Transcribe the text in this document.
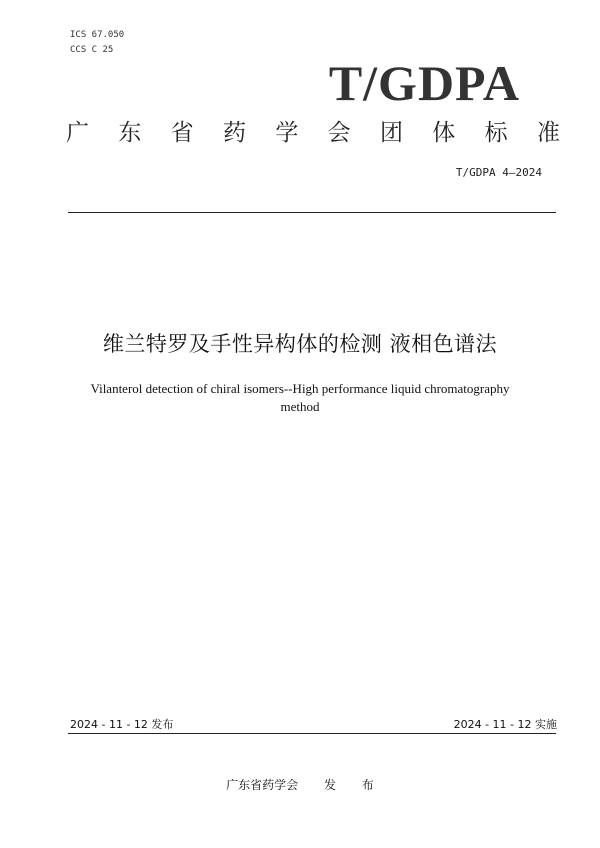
ICS 67.050
CCS C 25
T/GDPA
广 东 省 药 学 会 团 体 标 准
T/GDPA 4—2024
维兰特罗及手性异构体的检测 液相色谱法
Vilanterol detection of chiral isomers--High performance liquid chromatography
method
2024 - 11 - 12 发布	2024 - 11 - 12 实施
广东省药学会 发 布
